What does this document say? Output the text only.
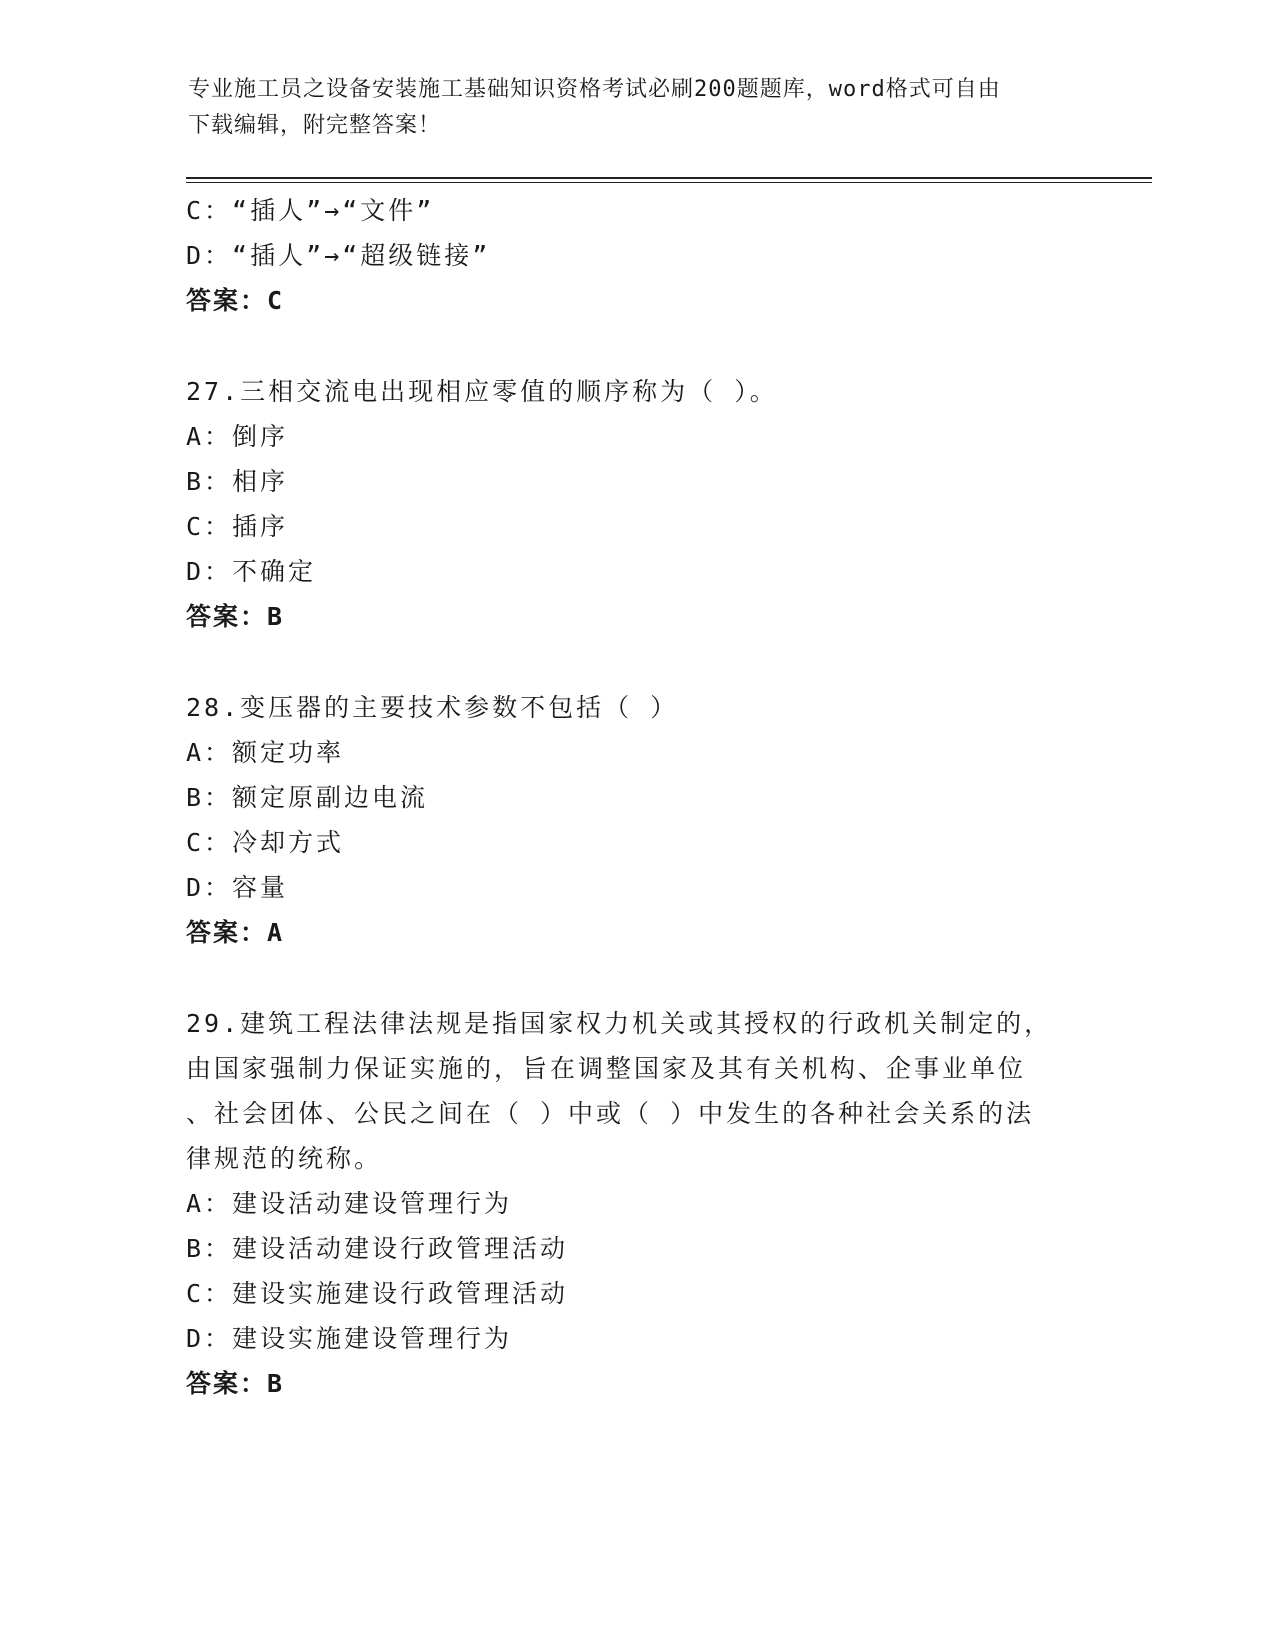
专业施工员之设备安装施工基础知识资格考试必刷200题题库，word格式可自由
下载编辑，附完整答案！
C：“插人”→“文件”
D：“插人”→“超级链接”
答案：C
27.三相交流电出现相应零值的顺序称为（ ）。
A：倒序
B：相序
C：插序
D：不确定
答案：B
28.变压器的主要技术参数不包括（ ）
A：额定功率
B：额定原副边电流
C：冷却方式
D：容量
答案：A
29.建筑工程法律法规是指国家权力机关或其授权的行政机关制定的，
由国家强制力保证实施的，旨在调整国家及其有关机构、企事业单位
、社会团体、公民之间在（ ）中或（ ）中发生的各种社会关系的法
律规范的统称。
A：建设活动建设管理行为
B：建设活动建设行政管理活动
C：建设实施建设行政管理活动
D：建设实施建设管理行为
答案：B
